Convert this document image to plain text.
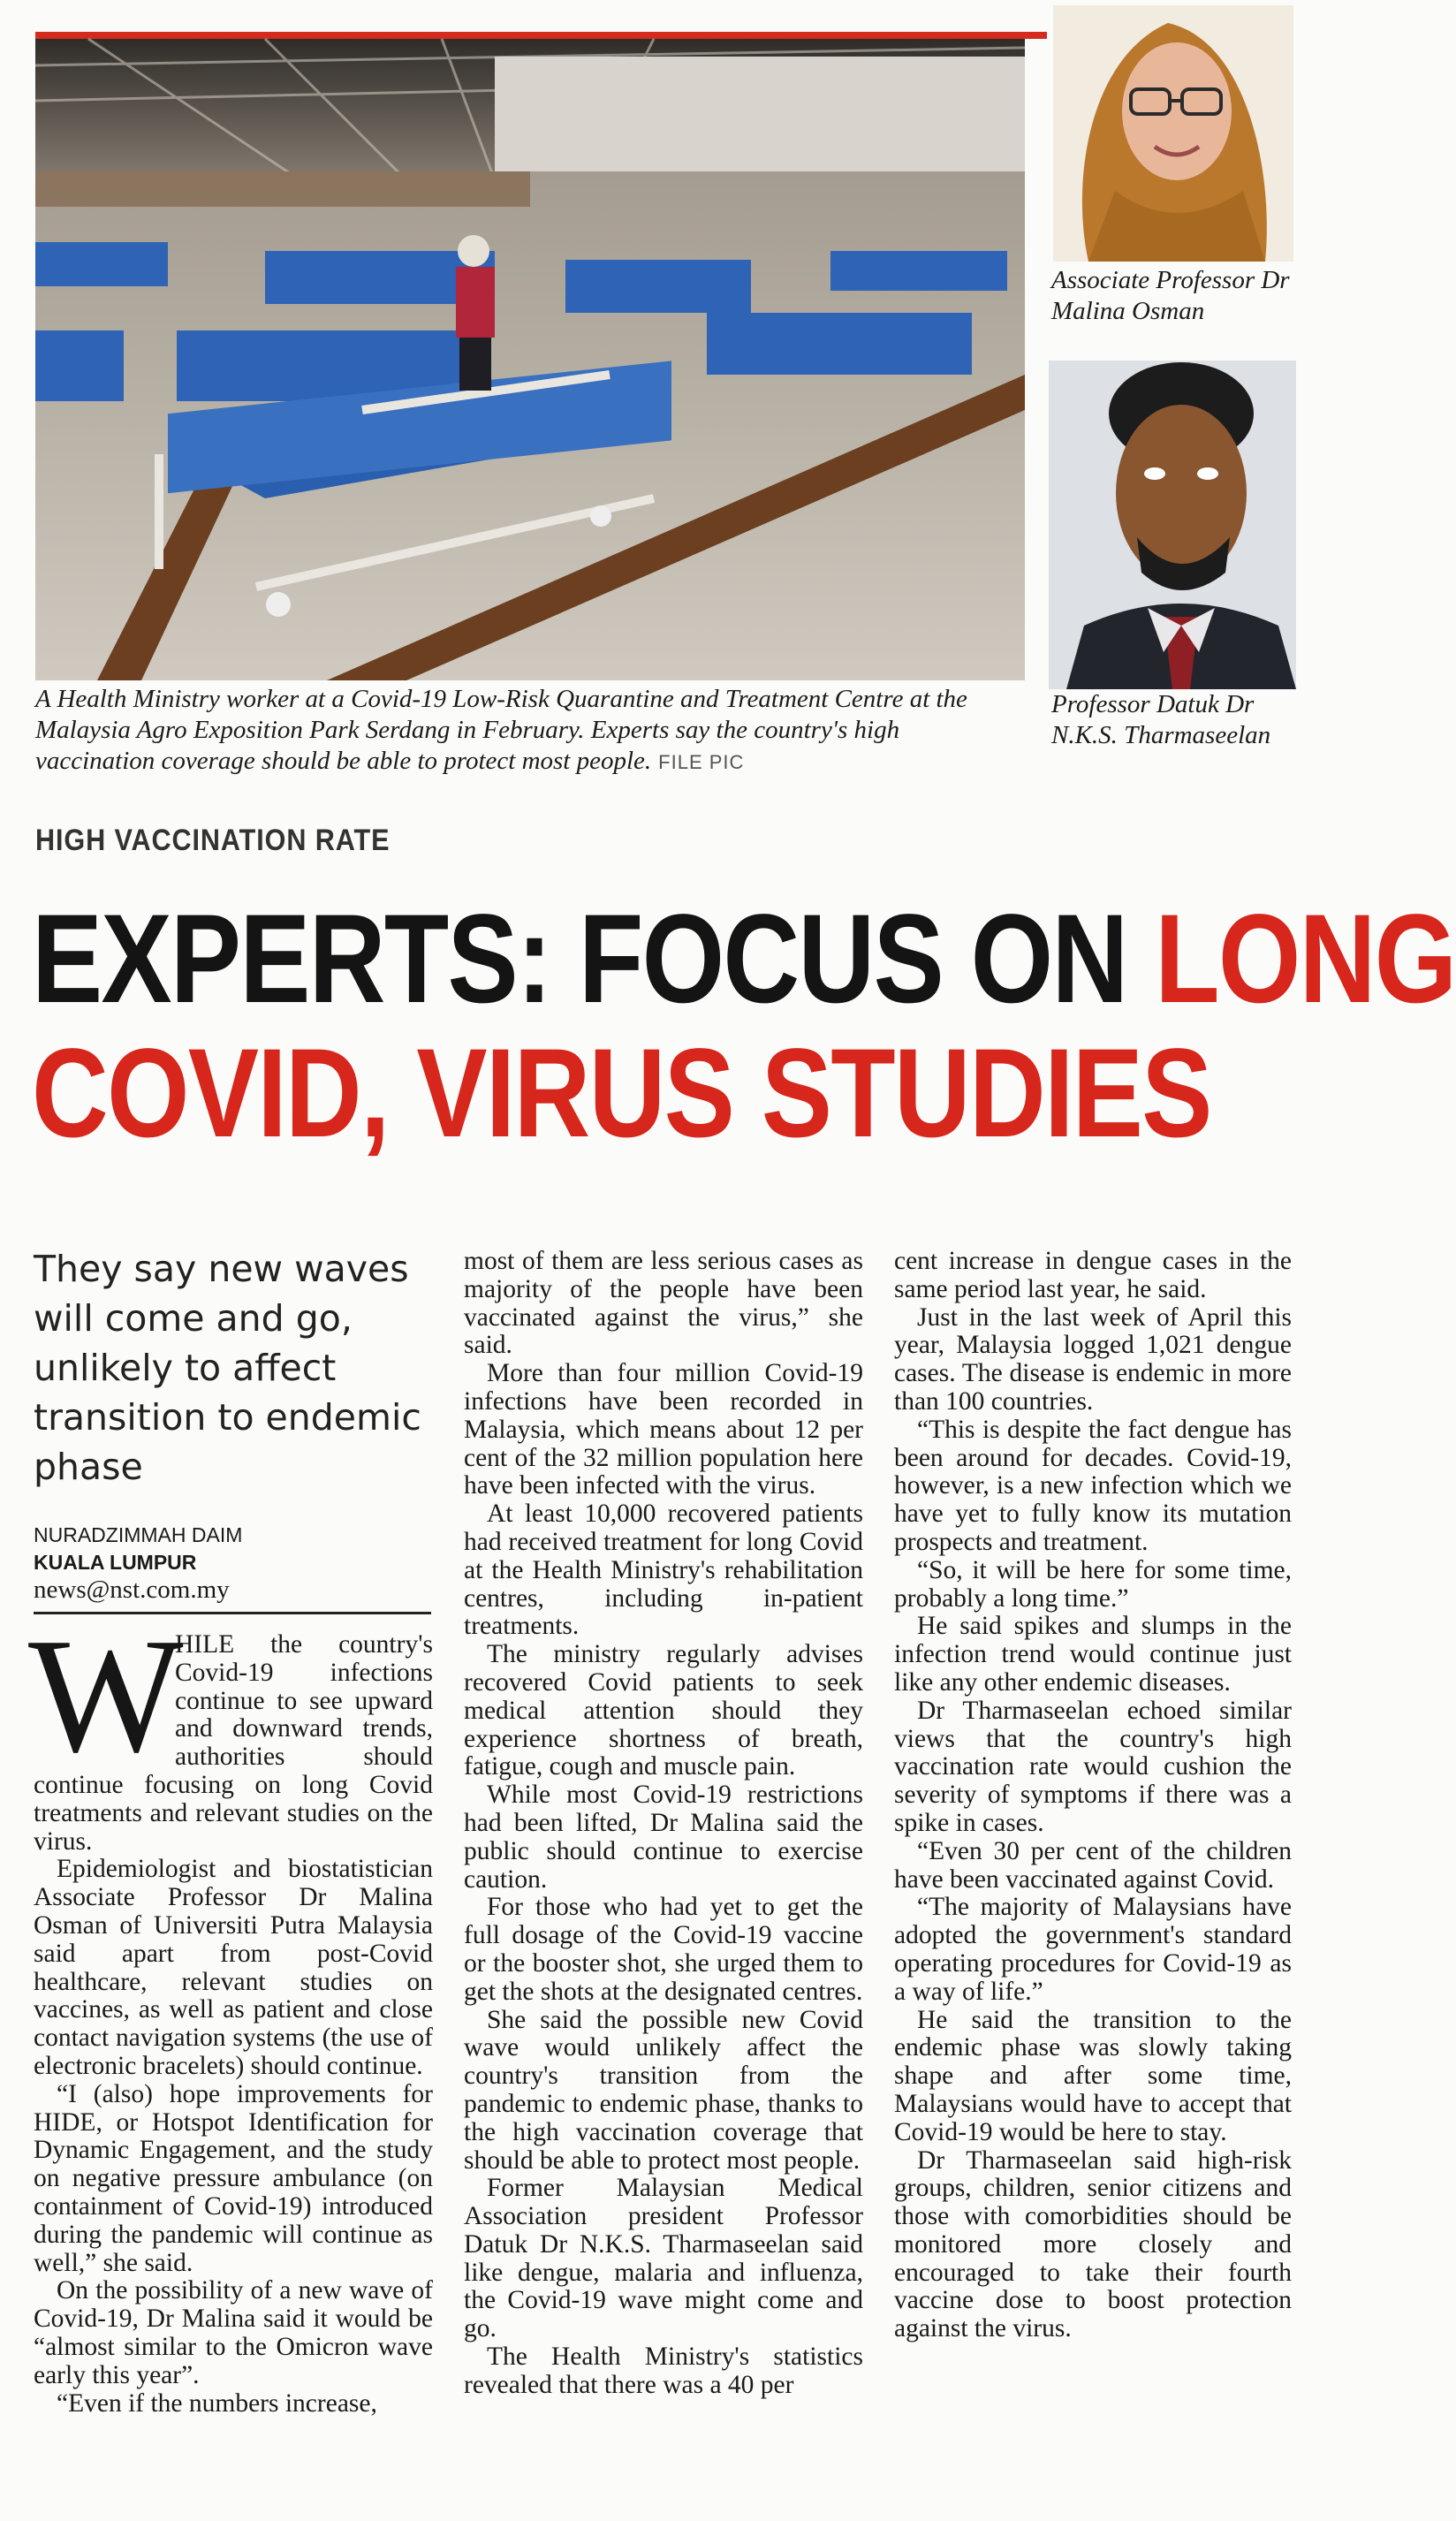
Associate Professor Dr Malina Osman
Professor Datuk Dr N.K.S. Tharmaseelan
A Health Ministry worker at a Covid-19 Low-Risk Quarantine and Treatment Centre at the Malaysia Agro Exposition Park Serdang in February. Experts say the country's high vaccination coverage should be able to protect most people. FILE PIC
HIGH VACCINATION RATE
EXPERTS: FOCUS ON LONG
COVID, VIRUS STUDIES
They say new waves will come and go, unlikely to affect transition to endemic phase
NURADZIMMAH DAIM
KUALA LUMPUR
news@nst.com.my
W

HILE the country's Covid-19 infections continue to see upward and downward trends, authorities should continue focusing on long Covid treatments and relevant studies on the virus.

Epidemiologist and biostatistician Associate Professor Dr Malina Osman of Universiti Putra Malaysia said apart from post-Covid healthcare, relevant studies on vaccines, as well as patient and close contact navigation systems (the use of electronic bracelets) should continue.

“I (also) hope improvements for HIDE, or Hotspot Identification for Dynamic Engagement, and the study on negative pressure ambulance (on containment of Covid-19) introduced during the pandemic will continue as well,” she said.

On the possibility of a new wave of Covid-19, Dr Malina said it would be “almost similar to the Omicron wave early this year”.

“Even if the numbers increase,

most of them are less serious cases as majority of the people have been vaccinated against the virus,” she said.

More than four million Covid-19 infections have been recorded in Malaysia, which means about 12 per cent of the 32 million population here have been infected with the virus.

At least 10,000 recovered patients had received treatment for long Covid at the Health Ministry's rehabilitation centres, including in-patient treatments.

The ministry regularly advises recovered Covid patients to seek medical attention should they experience shortness of breath, fatigue, cough and muscle pain.

While most Covid-19 restrictions had been lifted, Dr Malina said the public should continue to exercise caution.

For those who had yet to get the full dosage of the Covid-19 vaccine or the booster shot, she urged them to get the shots at the designated centres.

She said the possible new Covid wave would unlikely affect the country's transition from the pandemic to endemic phase, thanks to the high vaccination coverage that should be able to protect most people.

Former Malaysian Medical Association president Professor Datuk Dr N.K.S. Tharmaseelan said like dengue, malaria and influenza, the Covid-19 wave might come and go.

The Health Ministry's statistics revealed that there was a 40 per

cent increase in dengue cases in the same period last year, he said.

Just in the last week of April this year, Malaysia logged 1,021 dengue cases. The disease is endemic in more than 100 countries.

“This is despite the fact dengue has been around for decades. Covid-19, however, is a new infection which we have yet to fully know its mutation prospects and treatment.

“So, it will be here for some time, probably a long time.”

He said spikes and slumps in the infection trend would continue just like any other endemic diseases.

Dr Tharmaseelan echoed similar views that the country's high vaccination rate would cushion the severity of symptoms if there was a spike in cases.

“Even 30 per cent of the children have been vaccinated against Covid.

“The majority of Malaysians have adopted the government's standard operating procedures for Covid-19 as a way of life.”

He said the transition to the endemic phase was slowly taking shape and after some time, Malaysians would have to accept that Covid-19 would be here to stay.

Dr Tharmaseelan said high-risk groups, children, senior citizens and those with comorbidities should be monitored more closely and encouraged to take their fourth vaccine dose to boost protection against the virus.
